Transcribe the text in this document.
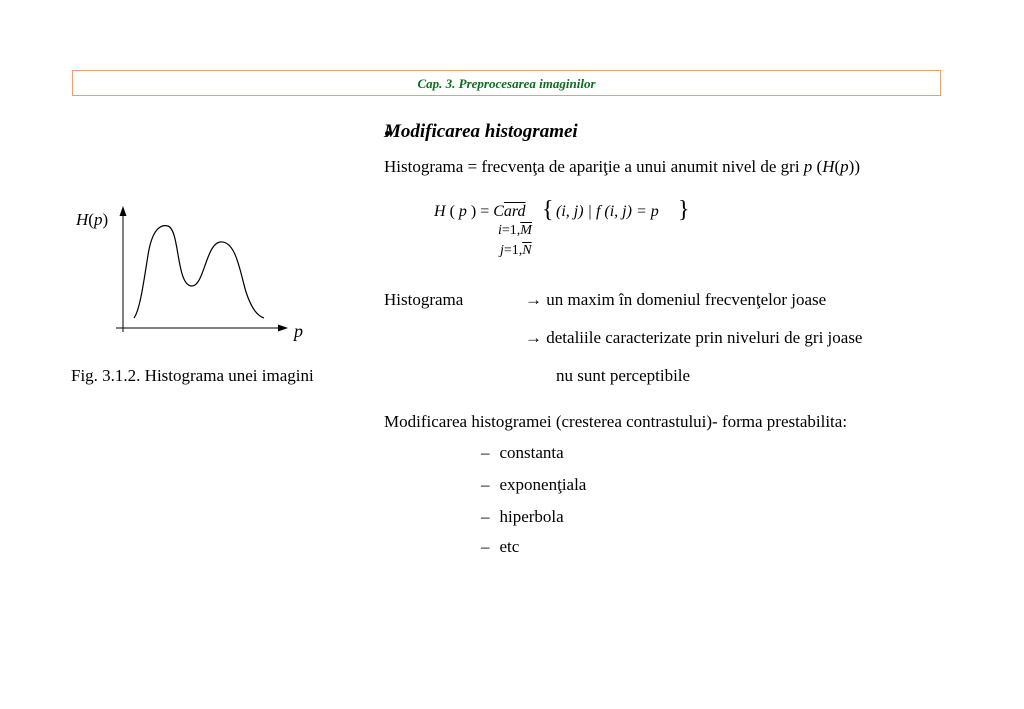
Cap. 3. Preprocesarea imaginilor
H(p)
p
Fig. 3.1.2. Histograma unei imagini
Modificarea histogramei
Histograma = frecvenţa de apariţie a unui anumit nivel de gri p (H(p))
H ( p ) = $C\overline{ard}$ { (i, j) | f (i, j) = p }
$i=1,\overline{M}$
$j=1,\overline{N}$
Histograma	→ un maxim în domeniul frecvenţelor joase
→ detaliile caracterizate prin niveluri de gri joase
nu sunt perceptibile
Modificarea histogramei (cresterea contrastului)- forma prestabilita:
– constanta
– exponenţiala
– hiperbola
– etc
